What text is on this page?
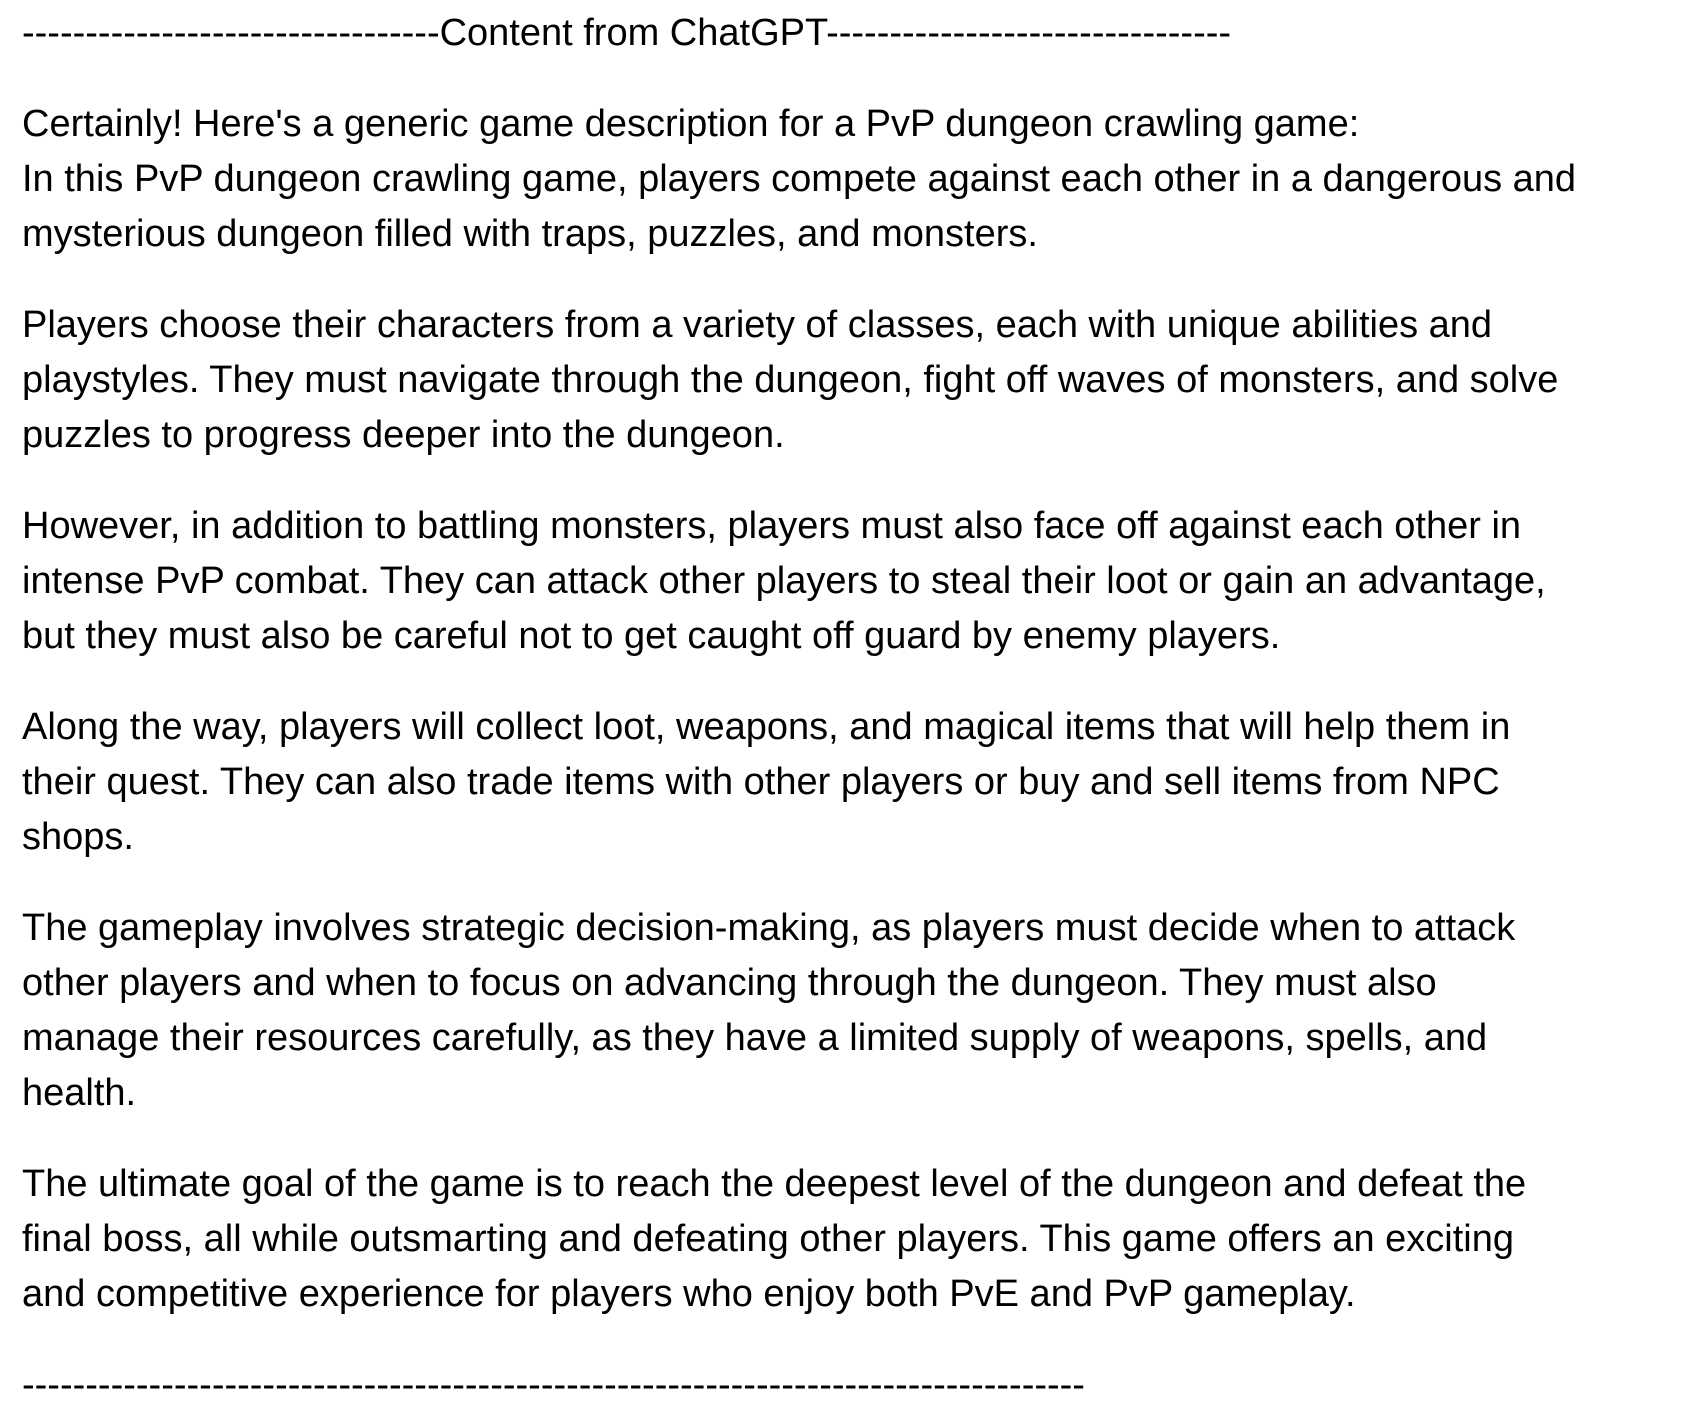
---------------------------------Content from ChatGPT--------------------------------
Certainly! Here's a generic game description for a PvP dungeon crawling game:
In this PvP dungeon crawling game, players compete against each other in a dangerous and
mysterious dungeon filled with traps, puzzles, and monsters.
Players choose their characters from a variety of classes, each with unique abilities and
playstyles. They must navigate through the dungeon, fight off waves of monsters, and solve
puzzles to progress deeper into the dungeon.
However, in addition to battling monsters, players must also face off against each other in
intense PvP combat. They can attack other players to steal their loot or gain an advantage,
but they must also be careful not to get caught off guard by enemy players.
Along the way, players will collect loot, weapons, and magical items that will help them in
their quest. They can also trade items with other players or buy and sell items from NPC
shops.
The gameplay involves strategic decision-making, as players must decide when to attack
other players and when to focus on advancing through the dungeon. They must also
manage their resources carefully, as they have a limited supply of weapons, spells, and
health.
The ultimate goal of the game is to reach the deepest level of the dungeon and defeat the
final boss, all while outsmarting and defeating other players. This game offers an exciting
and competitive experience for players who enjoy both PvE and PvP gameplay.
------------------------------------------------------------------------------------
